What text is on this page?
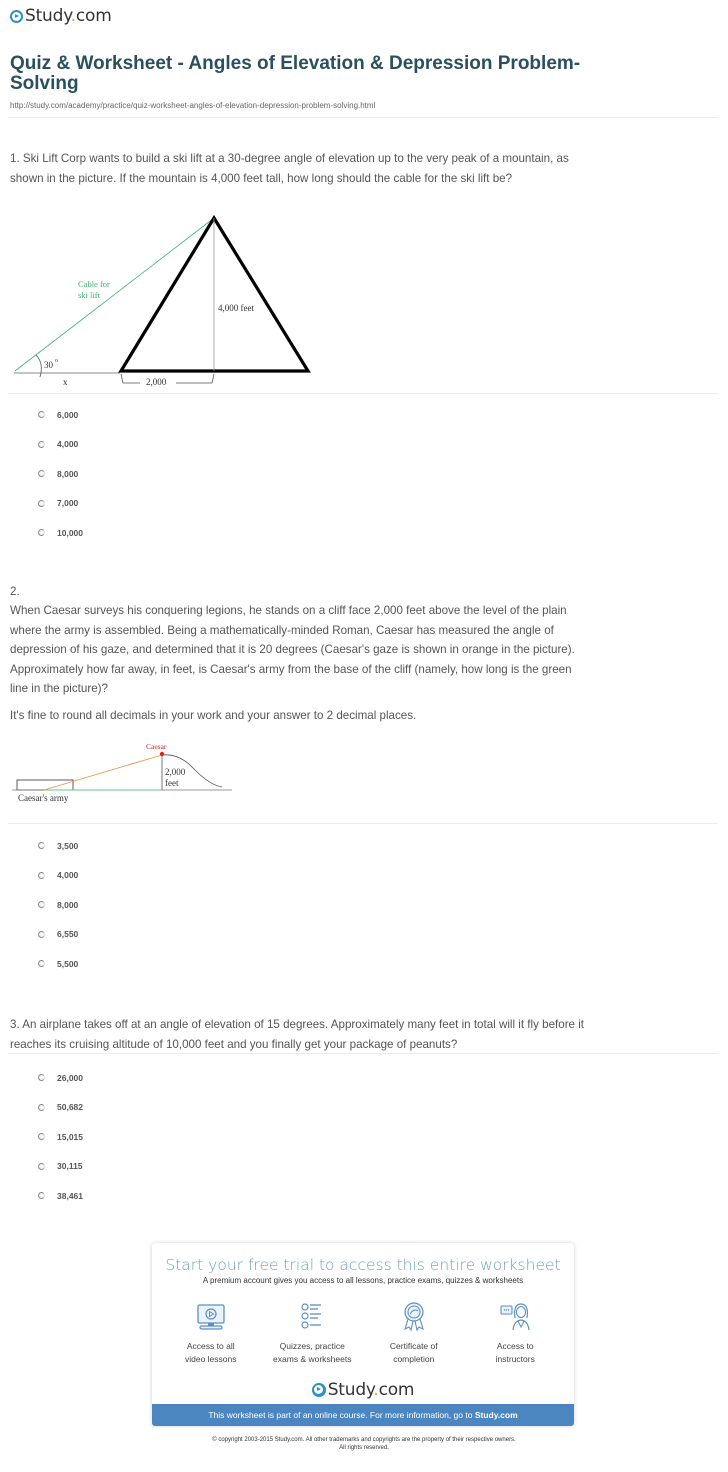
Study.com
Quiz & Worksheet - Angles of Elevation & Depression Problem-Solving
http://study.com/academy/practice/quiz-worksheet-angles-of-elevation-depression-problem-solving.html
1. Ski Lift Corp wants to build a ski lift at a 30-degree angle of elevation up to the very peak of a mountain, as shown in the picture. If the mountain is 4,000 feet tall, how long should the cable for the ski lift be?
Cable for
ski lift
4,000 feet
30 o
x	2,000
6,000
4,000
8,000
7,000
10,000
2.
When Caesar surveys his conquering legions, he stands on a cliff face 2,000 feet above the level of the plain where the army is assembled. Being a mathematically-minded Roman, Caesar has measured the angle of depression of his gaze, and determined that it is 20 degrees (Caesar's gaze is shown in orange in the picture). Approximately how far away, in feet, is Caesar's army from the base of the cliff (namely, how long is the green line in the picture)?
It's fine to round all decimals in your work and your answer to 2 decimal places.
Caesar
2,000
feet
Caesar's army
3,500
4,000
8,000
6,550
5,500
3. An airplane takes off at an angle of elevation of 15 degrees. Approximately many feet in total will it fly before it reaches its cruising altitude of 10,000 feet and you finally get your package of peanuts?
26,000
50,682
15,015
30,115
38,461
Start your free trial to access this entire worksheet
A premium account gives you access to all lessons, practice exams, quizzes & worksheets
Access to all
video lessons
Quizzes, practice
exams & worksheets
Certificate of
completion
Access to
instructors
Study.com
This worksheet is part of an online course. For more information, go to Study.com
© copyright 2003-2015 Study.com. All other trademarks and copyrights are the property of their respective owners.
All rights reserved.
